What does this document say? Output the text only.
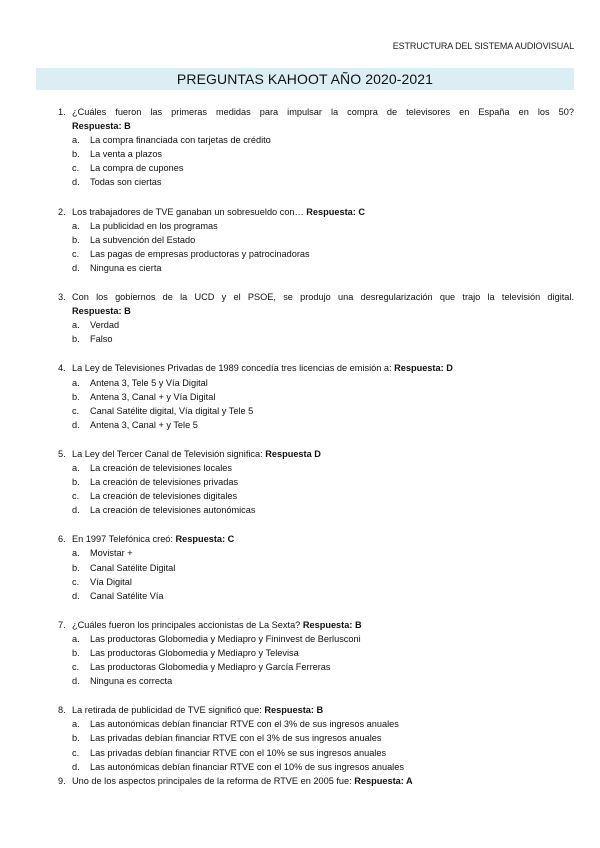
ESTRUCTURA DEL SISTEMA AUDIOVISUAL
PREGUNTAS KAHOOT AÑO 2020-2021
1. ¿Cuáles fueron las primeras medidas para impulsar la compra de televisores en España en los 50?
Respuesta: B
a. La compra financiada con tarjetas de crédito
b. La venta a plazos
c. La compra de cupones
d. Todas son ciertas
2. Los trabajadores de TVE ganaban un sobresueldo con… Respuesta: C
a. La publicidad en los programas
b. La subvención del Estado
c. Las pagas de empresas productoras y patrocinadoras
d. Ninguna es cierta
3. Con los gobiernos de la UCD y el PSOE, se produjo una desregularización que trajo la televisión digital.
Respuesta: B
a. Verdad
b. Falso
4. La Ley de Televisiones Privadas de 1989 concedía tres licencias de emisión a: Respuesta: D
a. Antena 3, Tele 5 y Vía Digital
b. Antena 3, Canal + y Vía Digital
c. Canal Satélite digital, Vía digital y Tele 5
d. Antena 3, Canal + y Tele 5
5. La Ley del Tercer Canal de Televisión significa: Respuesta D
a. La creación de televisiones locales
b. La creación de televisiones privadas
c. La creación de televisiones digitales
d. La creación de televisiones autonómicas
6. En 1997 Telefónica creó: Respuesta: C
a. Movistar +
b. Canal Satélite Digital
c. Vía Digital
d. Canal Satélite Vía
7. ¿Cuáles fueron los principales accionistas de La Sexta? Respuesta: B
a. Las productoras Globomedia y Mediapro y Fininvest de Berlusconi
b. Las productoras Globomedia y Mediapro y Televisa
c. Las productoras Globomedia y Mediapro y García Ferreras
d. Ninguna es correcta
8. La retirada de publicidad de TVE significó que: Respuesta: B
a. Las autonómicas debían financiar RTVE con el 3% de sus ingresos anuales
b. Las privadas debían financiar RTVE con el 3% de sus ingresos anuales
c. Las privadas debían financiar RTVE con el 10% se sus ingresos anuales
d. Las autonómicas debían financiar RTVE con el 10% de sus ingresos anuales
9. Uno de los aspectos principales de la reforma de RTVE en 2005 fue: Respuesta: A
